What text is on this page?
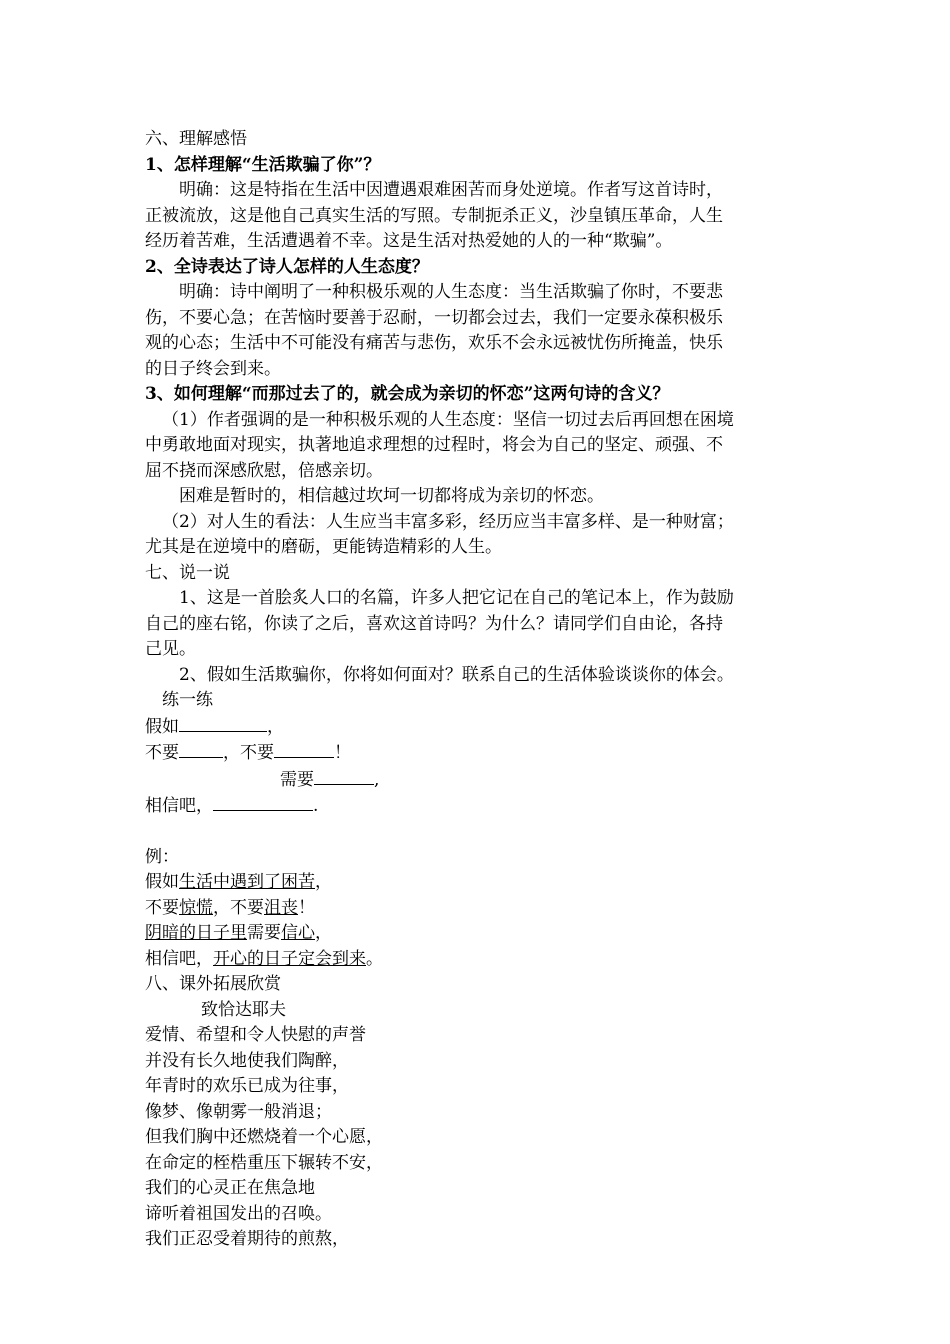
六、理解感悟
1、怎样理解“生活欺骗了你”？
明确：这是特指在生活中因遭遇艰难困苦而身处逆境。作者写这首诗时，
正被流放，这是他自己真实生活的写照。专制扼杀正义，沙皇镇压革命，人生
经历着苦难，生活遭遇着不幸。这是生活对热爱她的人的一种“欺骗”。
2、全诗表达了诗人怎样的人生态度？
明确：诗中阐明了一种积极乐观的人生态度：当生活欺骗了你时，不要悲
伤，不要心急；在苦恼时要善于忍耐，一切都会过去，我们一定要永葆积极乐
观的心态；生活中不可能没有痛苦与悲伤，欢乐不会永远被忧伤所掩盖，快乐
的日子终会到来。
3、如何理解“而那过去了的，就会成为亲切的怀恋”这两句诗的含义？
（1）作者强调的是一种积极乐观的人生态度：坚信一切过去后再回想在困境
中勇敢地面对现实，执著地追求理想的过程时，将会为自己的坚定、顽强、不
屈不挠而深感欣慰，倍感亲切。
困难是暂时的，相信越过坎坷一切都将成为亲切的怀恋。
（2）对人生的看法：人生应当丰富多彩，经历应当丰富多样、是一种财富；
尤其是在逆境中的磨砺，更能铸造精彩的人生。
七、说一说
1、这是一首脍炙人口的名篇，许多人把它记在自己的笔记本上，作为鼓励
自己的座右铭，你读了之后，喜欢这首诗吗？为什么？请同学们自由论，各持
己见。
2、假如生活欺骗你，你将如何面对？联系自己的生活体验谈谈你的体会。
练一练
假如	，
不要	，不要	！
需要	,
相信吧，	.
例：
假如生活中遇到了困苦，
不要惊慌，不要沮丧！
阴暗的日子里需要信心，
相信吧，开心的日子定会到来。
八、课外拓展欣赏
致恰达耶夫
爱情、希望和令人快慰的声誉
并没有长久地使我们陶醉，
年青时的欢乐已成为往事，
像梦、像朝雾一般消退；
但我们胸中还燃烧着一个心愿，
在命定的桎梏重压下辗转不安，
我们的心灵正在焦急地
谛听着祖国发出的召唤。
我们正忍受着期待的煎熬，
